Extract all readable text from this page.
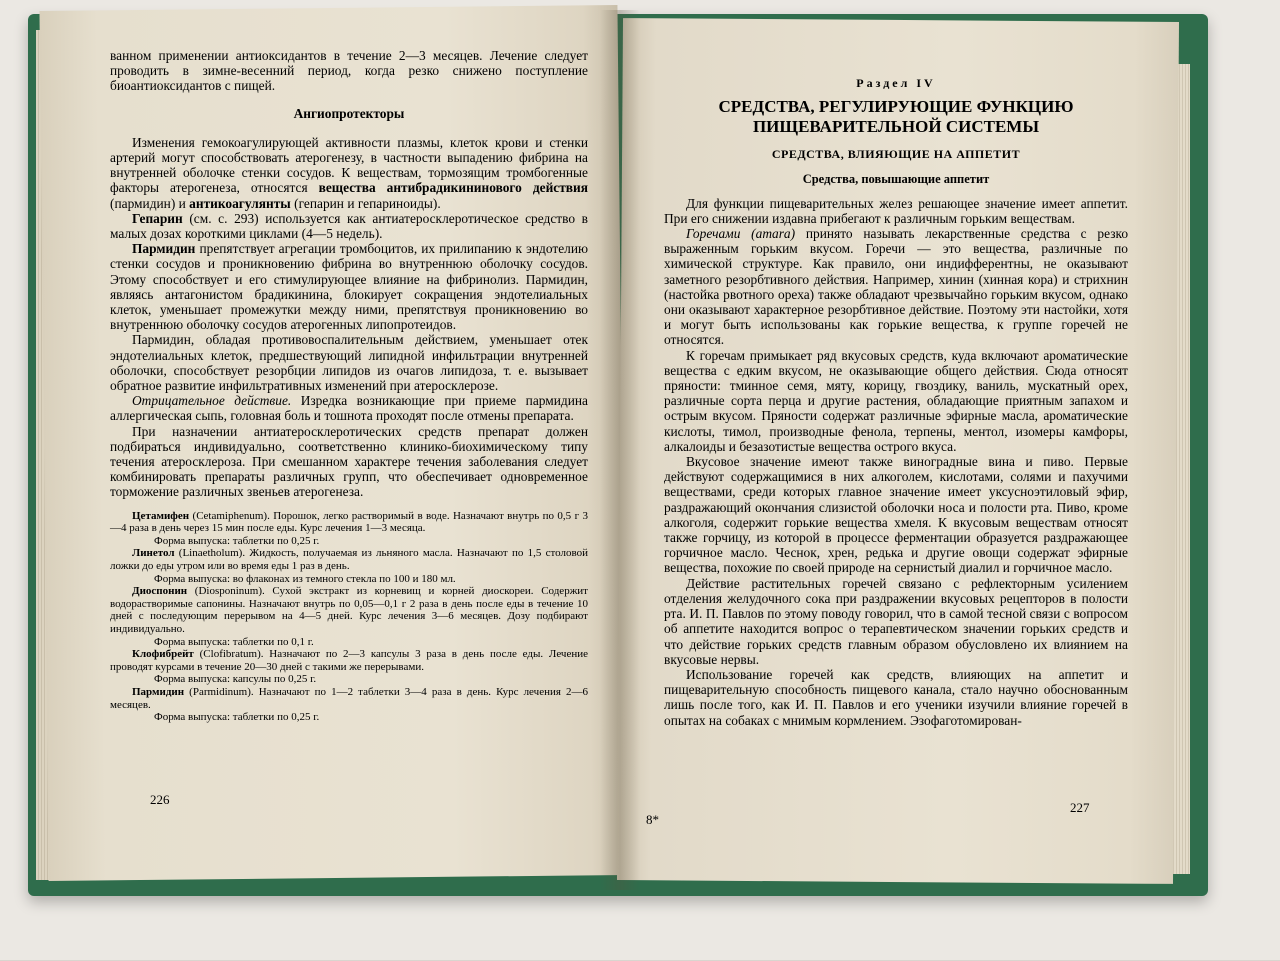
ванном применении антиоксидантов в течение 2—3 месяцев. Лечение следует проводить в зимне-весенний период, когда резко снижено поступление биоантиоксидантов с пищей.

Ангиопротекторы

Изменения гемокоагулирующей активности плазмы, клеток крови и стенки артерий могут способствовать атерогенезу, в частности выпадению фибрина на внутренней оболочке стенки сосудов. К веществам, тормозящим тромбогенные факторы атерогенеза, относятся вещества антибрадикининового действия (пармидин) и антикоагулянты (гепарин и гепариноиды).

Гепарин (см. с. 293) используется как антиатеросклеротическое средство в малых дозах короткими циклами (4—5 недель).

Пармидин препятствует агрегации тромбоцитов, их прилипанию к эндотелию стенки сосудов и проникновению фибрина во внутреннюю оболочку сосудов. Этому способствует и его стимулирующее влияние на фибринолиз. Пармидин, являясь антагонистом брадикинина, блокирует сокращения эндотелиальных клеток, уменьшает промежутки между ними, препятствуя проникновению во внутреннюю оболочку сосудов атерогенных липопротеидов.

Пармидин, обладая противовоспалительным действием, уменьшает отек эндотелиальных клеток, предшествующий липидной инфильтрации внутренней оболочки, способствует резорбции липидов из очагов липидоза, т. е. вызывает обратное развитие инфильтративных изменений при атеросклерозе.

Отрицательное действие. Изредка возникающие при приеме пармидина аллергическая сыпь, головная боль и тошнота проходят после отмены препарата.

При назначении антиатеросклеротических средств препарат должен подбираться индивидуально, соответственно клинико-биохимическому типу течения атеросклероза. При смешанном характере течения заболевания следует комбинировать препараты различных групп, что обеспечивает одновременное торможение различных звеньев атерогенеза.

Цетамифен (Cetamiphenum). Порошок, легко растворимый в воде. Назначают внутрь по 0,5 г 3—4 раза в день через 15 мин после еды. Курс лечения 1—3 месяца.

Форма выпуска: таблетки по 0,25 г.

Линетол (Linaetholum). Жидкость, получаемая из льняного масла. Назначают по 1,5 столовой ложки до еды утром или во время еды 1 раз в день.

Форма выпуска: во флаконах из темного стекла по 100 и 180 мл.

Диоспонин (Diosponinum). Сухой экстракт из корневищ и корней диоскореи. Содержит водорастворимые сапонины. Назначают внутрь по 0,05—0,1 г 2 раза в день после еды в течение 10 дней с последующим перерывом на 4—5 дней. Курс лечения 3—6 месяцев. Дозу подбирают индивидуально.

Форма выпуска: таблетки по 0,1 г.

Клофибрейт (Clofibratum). Назначают по 2—3 капсулы 3 раза в день после еды. Лечение проводят курсами в течение 20—30 дней с такими же перерывами.

Форма выпуска: капсулы по 0,25 г.

Пармидин (Parmidinum). Назначают по 1—2 таблетки 3—4 раза в день. Курс лечения 2—6 месяцев.

Форма выпуска: таблетки по 0,25 г.

226
Раздел IV
СРЕДСТВА, РЕГУЛИРУЮЩИЕ ФУНКЦИЮ
ПИЩЕВАРИТЕЛЬНОЙ СИСТЕМЫ
СРЕДСТВА, ВЛИЯЮЩИЕ НА АППЕТИТ
Средства, повышающие аппетит

Для функции пищеварительных желез решающее значение имеет аппетит. При его снижении издавна прибегают к различным горьким веществам.

Горечами (amara) принято называть лекарственные средства с резко выраженным горьким вкусом. Горечи — это вещества, различные по химической структуре. Как правило, они индифферентны, не оказывают заметного резорбтивного действия. Например, хинин (хинная кора) и стрихнин (настойка рвотного ореха) также обладают чрезвычайно горьким вкусом, однако они оказывают характерное резорбтивное действие. Поэтому эти настойки, хотя и могут быть использованы как горькие вещества, к группе горечей не относятся.

К горечам примыкает ряд вкусовых средств, куда включают ароматические вещества с едким вкусом, не оказывающие общего действия. Сюда относят пряности: тминное семя, мяту, корицу, гвоздику, ваниль, мускатный орех, различные сорта перца и другие растения, обладающие приятным запахом и острым вкусом. Пряности содержат различные эфирные масла, ароматические кислоты, тимол, производные фенола, терпены, ментол, изомеры камфоры, алкалоиды и безазотистые вещества острого вкуса.

Вкусовое значение имеют также виноградные вина и пиво. Первые действуют содержащимися в них алкоголем, кислотами, солями и пахучими веществами, среди которых главное значение имеет уксусноэтиловый эфир, раздражающий окончания слизистой оболочки носа и полости рта. Пиво, кроме алкоголя, содержит горькие вещества хмеля. К вкусовым веществам относят также горчицу, из которой в процессе ферментации образуется раздражающее горчичное масло. Чеснок, хрен, редька и другие овощи содержат эфирные вещества, похожие по своей природе на сернистый диалил и горчичное масло.

Действие растительных горечей связано с рефлекторным усилением отделения желудочного сока при раздражении вкусовых рецепторов в полости рта. И. П. Павлов по этому поводу говорил, что в самой тесной связи с вопросом об аппетите находится вопрос о терапевтическом значении горьких средств и что действие горьких средств главным образом обусловлено их влиянием на вкусовые нервы.

Использование горечей как средств, влияющих на аппетит и пищеварительную способность пищевого канала, стало научно обоснованным лишь после того, как И. П. Павлов и его ученики изучили влияние горечей в опытах на собаках с мнимым кормлением. Эзофаготомирован-

8*
227
